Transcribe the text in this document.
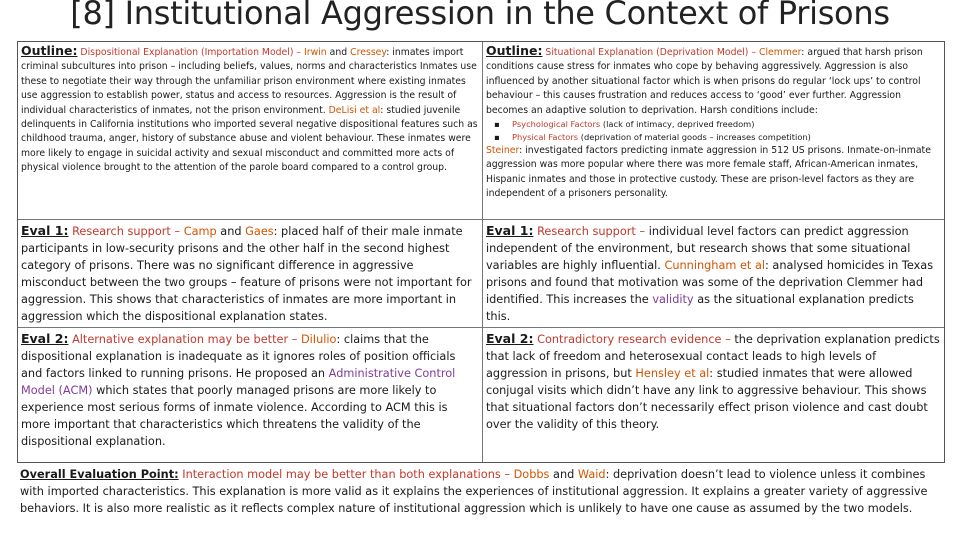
[8] Institutional Aggression in the Context of Prisons
Outline: Dispositional Explanation (Importation Model) – Irwin and Cressey: inmates import criminal subcultures into prison – including beliefs, values, norms and characteristics Inmates use these to negotiate their way through the unfamiliar prison environment where existing inmates use aggression to establish power, status and access to resources. Aggression is the result of individual characteristics of inmates, not the prison environment. DeLisi et al: studied juvenile delinquents in California institutions who imported several negative dispositional features such as childhood trauma, anger, history of substance abuse and violent behaviour. These inmates were more likely to engage in suicidal activity and sexual misconduct and committed more acts of physical violence brought to the attention of the parole board compared to a control group.
Outline: Situational Explanation (Deprivation Model) – Clemmer: argued that harsh prison conditions cause stress for inmates who cope by behaving aggressively. Aggression is also influenced by another situational factor which is when prisons do regular ‘lock ups’ to control behaviour – this causes frustration and reduces access to ‘good’ ever further. Aggression becomes an adaptive solution to deprivation. Harsh conditions include:
▪ Psychological Factors (lack of intimacy, deprived freedom)
▪ Physical Factors (deprivation of material goods – increases competition)
Steiner: investigated factors predicting inmate aggression in 512 US prisons. Inmate-on-inmate aggression was more popular where there was more female staff, African-American inmates, Hispanic inmates and those in protective custody. These are prison-level factors as they are independent of a prisoners personality.
Eval 1: Research support – Camp and Gaes: placed half of their male inmate participants in low-security prisons and the other half in the second highest category of prisons. There was no significant difference in aggressive misconduct between the two groups – feature of prisons were not important for aggression. This shows that characteristics of inmates are more important in aggression which the dispositional explanation states.
Eval 1: Research support – individual level factors can predict aggression independent of the environment, but research shows that some situational variables are highly influential. Cunningham et al: analysed homicides in Texas prisons and found that motivation was some of the deprivation Clemmer had identified. This increases the validity as the situational explanation predicts this.
Eval 2: Alternative explanation may be better – DiIulio: claims that the dispositional explanation is inadequate as it ignores roles of position officials and factors linked to running prisons. He proposed an Administrative Control Model (ACM) which states that poorly managed prisons are more likely to experience most serious forms of inmate violence. According to ACM this is more important that characteristics which threatens the validity of the dispositional explanation.
Eval 2: Contradictory research evidence – the deprivation explanation predicts that lack of freedom and heterosexual contact leads to high levels of aggression in prisons, but Hensley et al: studied inmates that were allowed conjugal visits which didn’t have any link to aggressive behaviour. This shows that situational factors don’t necessarily effect prison violence and cast doubt over the validity of this theory.
Overall Evaluation Point: Interaction model may be better than both explanations – Dobbs and Waid: deprivation doesn’t lead to violence unless it combines with imported characteristics. This explanation is more valid as it explains the experiences of institutional aggression. It explains a greater variety of aggressive behaviors. It is also more realistic as it reflects complex nature of institutional aggression which is unlikely to have one cause as assumed by the two models.
